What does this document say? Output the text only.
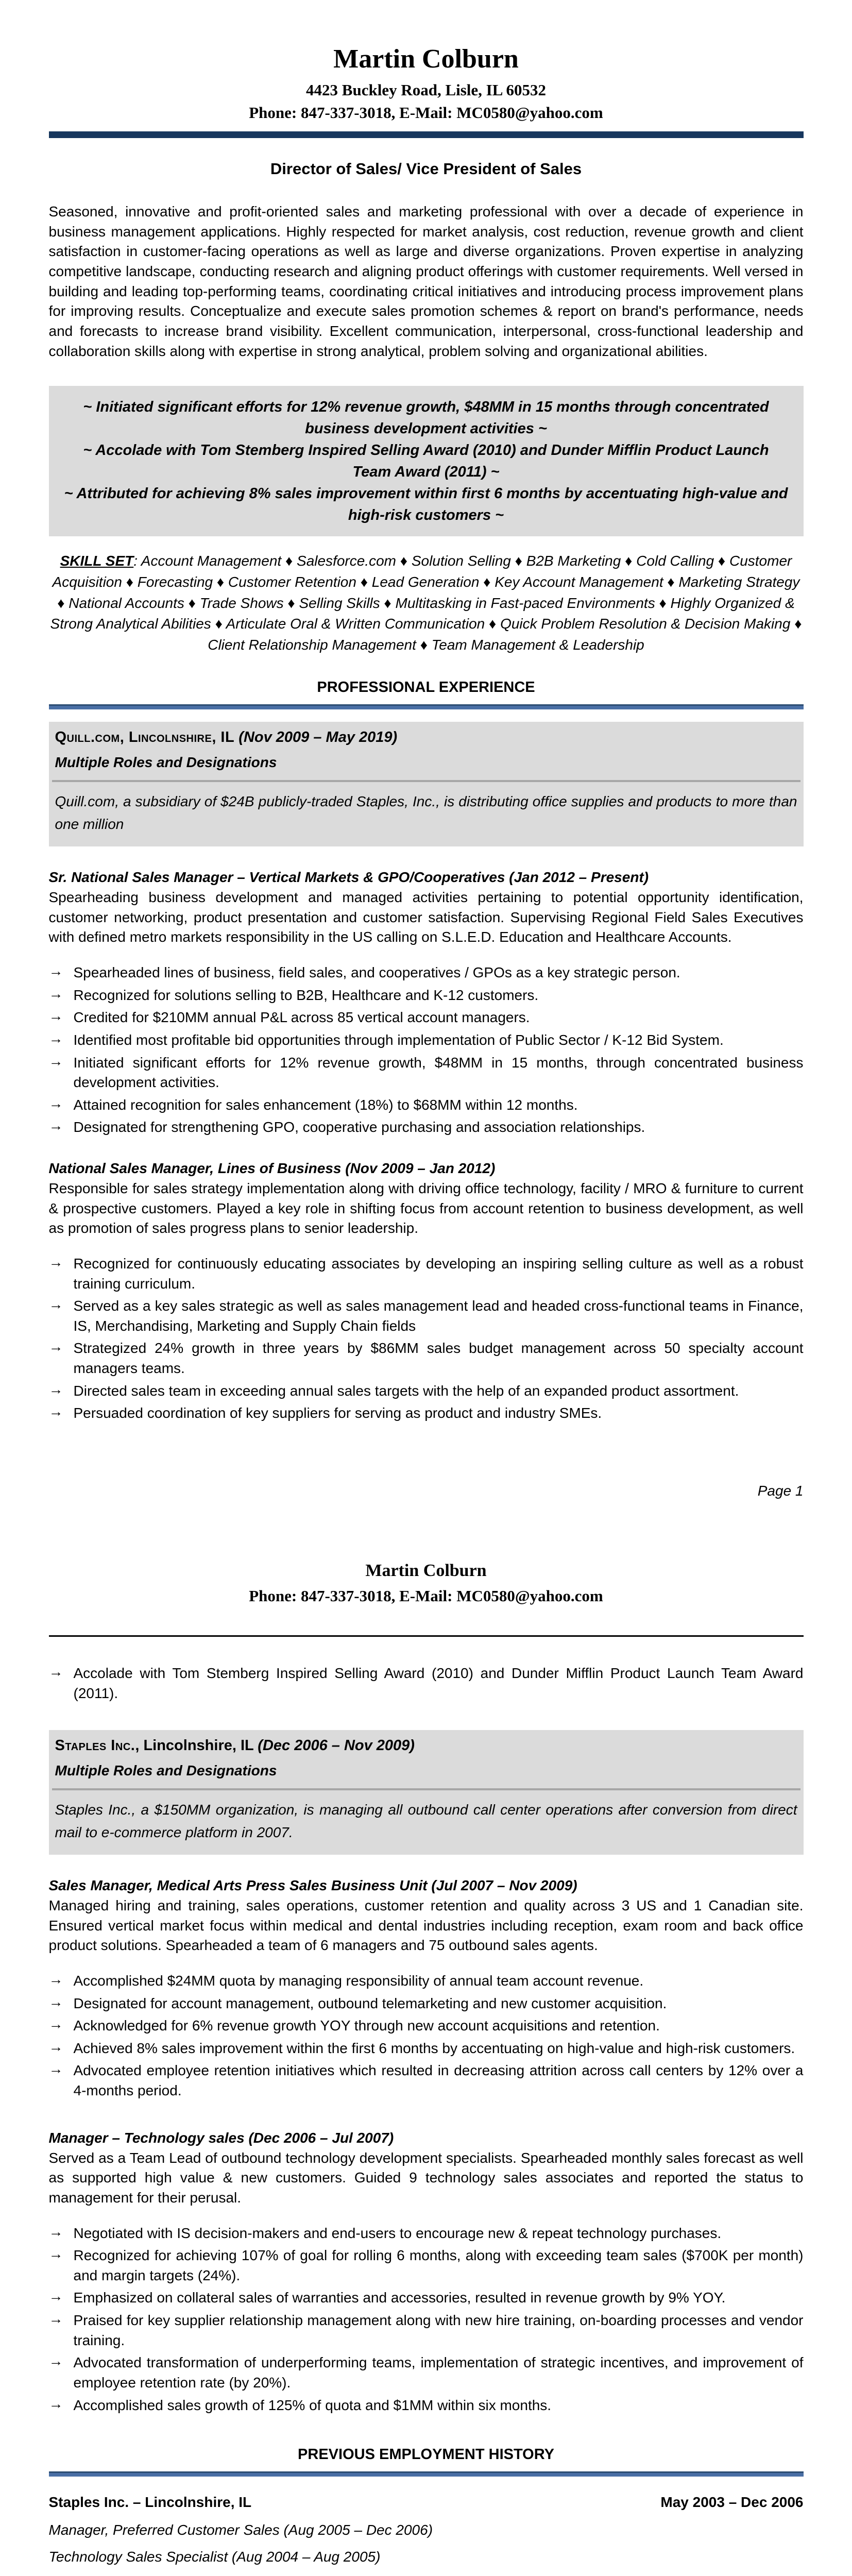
Martin Colburn
4423 Buckley Road, Lisle, IL 60532
Phone: 847-337-3018, E-Mail: MC0580@yahoo.com
Director of Sales/ Vice President of Sales
Seasoned, innovative and profit-oriented sales and marketing professional with over a decade of experience in business management applications. Highly respected for market analysis, cost reduction, revenue growth and client satisfaction in customer-facing operations as well as large and diverse organizations. Proven expertise in analyzing competitive landscape, conducting research and aligning product offerings with customer requirements. Well versed in building and leading top-performing teams, coordinating critical initiatives and introducing process improvement plans for improving results. Conceptualize and execute sales promotion schemes & report on brand's performance, needs and forecasts to increase brand visibility. Excellent communication, interpersonal, cross-functional leadership and collaboration skills along with expertise in strong analytical, problem solving and organizational abilities.
~ Initiated significant efforts for 12% revenue growth, $48MM in 15 months through concentrated business development activities ~
~ Accolade with Tom Stemberg Inspired Selling Award (2010) and Dunder Mifflin Product Launch Team Award (2011) ~
~ Attributed for achieving 8% sales improvement within first 6 months by accentuating high-value and high-risk customers ~
SKILL SET: Account Management ♦ Salesforce.com ♦ Solution Selling ♦ B2B Marketing ♦ Cold Calling ♦ Customer Acquisition ♦ Forecasting ♦ Customer Retention ♦ Lead Generation ♦ Key Account Management ♦ Marketing Strategy ♦ National Accounts ♦ Trade Shows ♦ Selling Skills ♦ Multitasking in Fast-paced Environments ♦ Highly Organized & Strong Analytical Abilities ♦ Articulate Oral & Written Communication ♦ Quick Problem Resolution & Decision Making ♦ Client Relationship Management ♦ Team Management & Leadership
PROFESSIONAL EXPERIENCE
Quill.com, Lincolnshire, IL (Nov 2009 – May 2019)
Multiple Roles and Designations
Quill.com, a subsidiary of $24B publicly-traded Staples, Inc., is distributing office supplies and products to more than one million
Sr. National Sales Manager – Vertical Markets & GPO/Cooperatives (Jan 2012 – Present)
Spearheading business development and managed activities pertaining to potential opportunity identification, customer networking, product presentation and customer satisfaction. Supervising Regional Field Sales Executives with defined metro markets responsibility in the US calling on S.L.E.D. Education and Healthcare Accounts.
→ Spearheaded lines of business, field sales, and cooperatives / GPOs as a key strategic person.
→ Recognized for solutions selling to B2B, Healthcare and K-12 customers.
→ Credited for $210MM annual P&L across 85 vertical account managers.
→ Identified most profitable bid opportunities through implementation of Public Sector / K-12 Bid System.
→ Initiated significant efforts for 12% revenue growth, $48MM in 15 months, through concentrated business development activities.
→ Attained recognition for sales enhancement (18%) to $68MM within 12 months.
→ Designated for strengthening GPO, cooperative purchasing and association relationships.
National Sales Manager, Lines of Business (Nov 2009 – Jan 2012)
Responsible for sales strategy implementation along with driving office technology, facility / MRO & furniture to current & prospective customers. Played a key role in shifting focus from account retention to business development, as well as promotion of sales progress plans to senior leadership.
→ Recognized for continuously educating associates by developing an inspiring selling culture as well as a robust training curriculum.
→ Served as a key sales strategic as well as sales management lead and headed cross-functional teams in Finance, IS, Merchandising, Marketing and Supply Chain fields
→ Strategized 24% growth in three years by $86MM sales budget management across 50 specialty account managers teams.
→ Directed sales team in exceeding annual sales targets with the help of an expanded product assortment.
→ Persuaded coordination of key suppliers for serving as product and industry SMEs.
Page 1
Martin Colburn
Phone: 847-337-3018, E-Mail: MC0580@yahoo.com
→ Accolade with Tom Stemberg Inspired Selling Award (2010) and Dunder Mifflin Product Launch Team Award (2011).
Staples Inc., Lincolnshire, IL (Dec 2006 – Nov 2009)
Multiple Roles and Designations
Staples Inc., a $150MM organization, is managing all outbound call center operations after conversion from direct mail to e-commerce platform in 2007.
Sales Manager, Medical Arts Press Sales Business Unit (Jul 2007 – Nov 2009)
Managed hiring and training, sales operations, customer retention and quality across 3 US and 1 Canadian site. Ensured vertical market focus within medical and dental industries including reception, exam room and back office product solutions. Spearheaded a team of 6 managers and 75 outbound sales agents.
→ Accomplished $24MM quota by managing responsibility of annual team account revenue.
→ Designated for account management, outbound telemarketing and new customer acquisition.
→ Acknowledged for 6% revenue growth YOY through new account acquisitions and retention.
→ Achieved 8% sales improvement within the first 6 months by accentuating on high-value and high-risk customers.
→ Advocated employee retention initiatives which resulted in decreasing attrition across call centers by 12% over a 4-months period.
Manager – Technology sales (Dec 2006 – Jul 2007)
Served as a Team Lead of outbound technology development specialists. Spearheaded monthly sales forecast as well as supported high value & new customers. Guided 9 technology sales associates and reported the status to management for their perusal.
→ Negotiated with IS decision-makers and end-users to encourage new & repeat technology purchases.
→ Recognized for achieving 107% of goal for rolling 6 months, along with exceeding team sales ($700K per month) and margin targets (24%).
→ Emphasized on collateral sales of warranties and accessories, resulted in revenue growth by 9% YOY.
→ Praised for key supplier relationship management along with new hire training, on-boarding processes and vendor training.
→ Advocated transformation of underperforming teams, implementation of strategic incentives, and improvement of employee retention rate (by 20%).
→ Accomplished sales growth of 125% of quota and $1MM within six months.
PREVIOUS EMPLOYMENT HISTORY
Staples Inc. – Lincolnshire, IL	May 2003 – Dec 2006
Manager, Preferred Customer Sales (Aug 2005 – Dec 2006)
Technology Sales Specialist (Aug 2004 – Aug 2005)
